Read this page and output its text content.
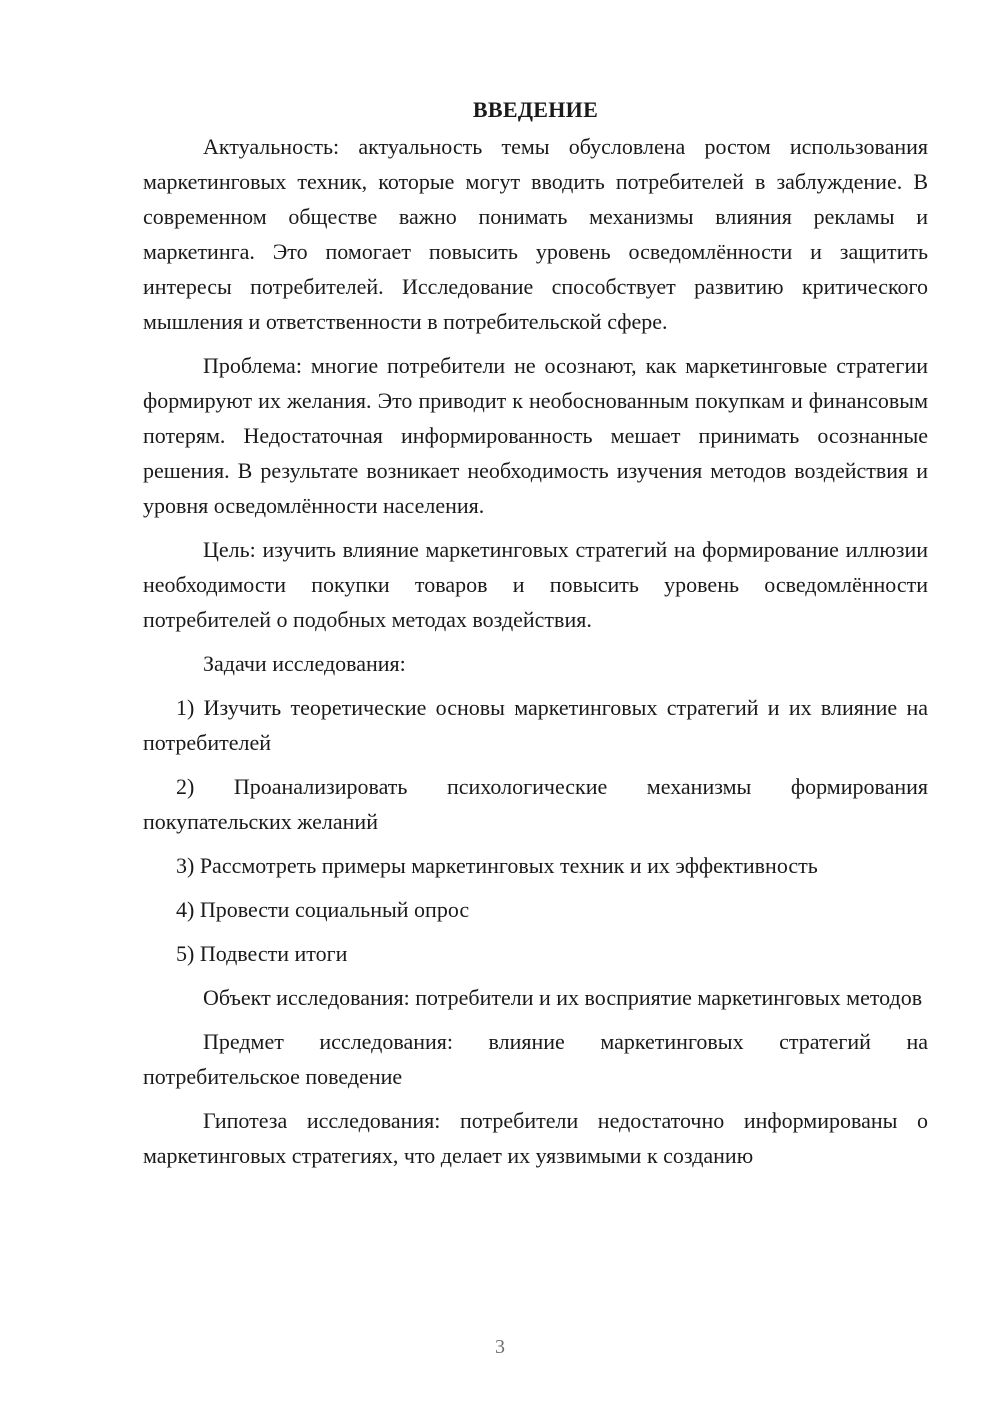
ВВЕДЕНИЕ

Актуальность: актуальность темы обусловлена ростом использования маркетинговых техник, которые могут вводить потребителей в заблуждение. В современном обществе важно понимать механизмы влияния рекламы и маркетинга. Это помогает повысить уровень осведомлённости и защитить интересы потребителей. Исследование способствует развитию критического мышления и ответственности в потребительской сфере.

Проблема: многие потребители не осознают, как маркетинговые стратегии формируют их желания. Это приводит к необоснованным покупкам и финансовым потерям. Недостаточная информированность мешает принимать осознанные решения. В результате возникает необходимость изучения методов воздействия и уровня осведомлённости населения.

Цель: изучить влияние маркетинговых стратегий на формирование иллюзии необходимости покупки товаров и повысить уровень осведомлённости потребителей о подобных методах воздействия.

Задачи исследования:

1) Изучить теоретические основы маркетинговых стратегий и их влияние на потребителей

2) Проанализировать психологические механизмы формирования покупательских желаний

3) Рассмотреть примеры маркетинговых техник и их эффективность

4) Провести социальный опрос

5) Подвести итоги

Объект исследования: потребители и их восприятие маркетинговых методов

Предмет исследования: влияние маркетинговых стратегий на потребительское поведение

Гипотеза исследования: потребители недостаточно информированы о маркетинговых стратегиях, что делает их уязвимыми к созданию

3
